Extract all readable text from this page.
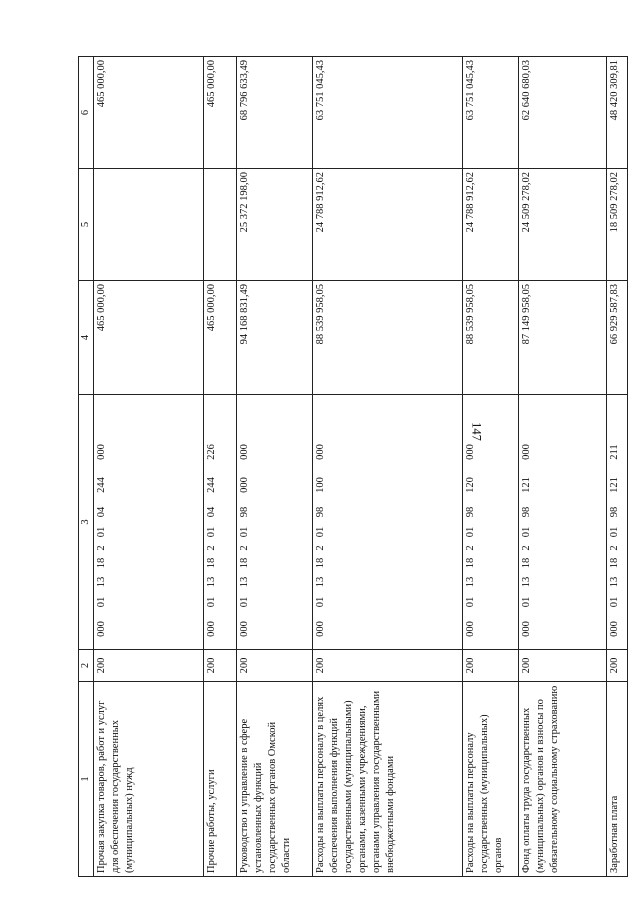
147
1	2	3	4	5	6
Прочая закупка товаров, работ и услуг для обеспечения государственных (муниципальных) нужд	200	00001131820104244000	465 000,00		465 000,00
Прочие работы, услуги	200	00001131820104244226	465 000,00		465 000,00
Руководство и управление в сфере установленных функций государственных органов Омской области	200	00001131820198000000	94 168 831,49	25 372 198,00	68 796 633,49
Расходы на выплаты персоналу в целях обеспечения выполнения функций государственными (муниципальными) органами, казенными учреждениями, органами управления государственными внебюджетными фондами	200	00001131820198100000	88 539 958,05	24 788 912,62	63 751 045,43
Расходы на выплаты персоналу государственных (муниципальных) органов	200	00001131820198120000	88 539 958,05	24 788 912,62	63 751 045,43
Фонд оплаты труда государственных (муниципальных) органов и взносы по обязательному социальному страхованию	200	00001131820198121000	87 149 958,05	24 509 278,02	62 640 680,03
Заработная плата	200	00001131820198121211	66 929 587,83	18 509 278,02	48 420 309,81
